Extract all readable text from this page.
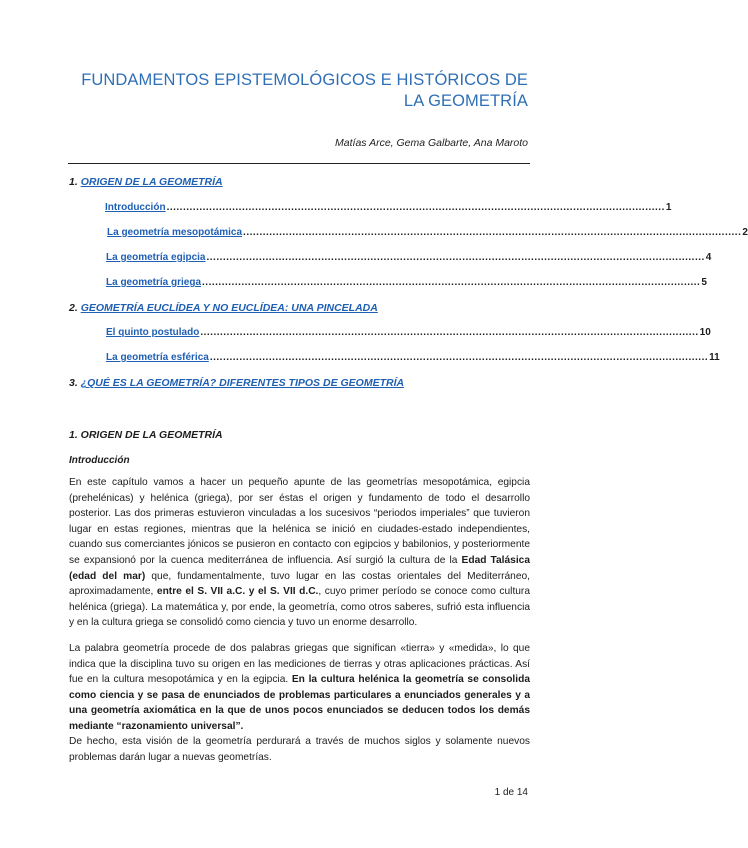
FUNDAMENTOS EPISTEMOLÓGICOS E HISTÓRICOS DE LA GEOMETRÍA
Matías Arce, Gema Galbarte, Ana Maroto
1. ORIGEN DE LA GEOMETRÍA
Introducción ........................................................................................................................................................ 1
La geometría mesopotámica ........................................................................................................................................................ 2
La geometría egipcia ........................................................................................................................................................ 4
La geometría griega ........................................................................................................................................................ 5
2. GEOMETRÍA EUCLÍDEA Y NO EUCLÍDEA: UNA PINCELADA
El quinto postulado ........................................................................................................................................................ 10
La geometría esférica ........................................................................................................................................................ 11
3. ¿QUÉ ES LA GEOMETRÍA? DIFERENTES TIPOS DE GEOMETRÍA
1. ORIGEN DE LA GEOMETRÍA
Introducción
En este capítulo vamos a hacer un pequeño apunte de las geometrías mesopotámica, egipcia (prehelénicas) y helénica (griega), por ser éstas el origen y fundamento de todo el desarrollo posterior. Las dos primeras estuvieron vinculadas a los sucesivos “periodos imperiales” que tuvieron lugar en estas regiones, mientras que la helénica se inició en ciudades-estado independientes, cuando sus comerciantes jónicos se pusieron en contacto con egipcios y babilonios, y posteriormente se expansionó por la cuenca mediterránea de influencia. Así surgió la cultura de la Edad Talásica (edad del mar) que, fundamentalmente, tuvo lugar en las costas orientales del Mediterráneo, aproximadamente, entre el S. VII a.C. y el S. VII d.C., cuyo primer período se conoce como cultura helénica (griega). La matemática y, por ende, la geometría, como otros saberes, sufrió esta influencia y en la cultura griega se consolidó como ciencia y tuvo un enorme desarrollo.
La palabra geometría procede de dos palabras griegas que significan «tierra» y «medida», lo que indica que la disciplina tuvo su origen en las mediciones de tierras y otras aplicaciones prácticas. Así fue en la cultura mesopotámica y en la egipcia. En la cultura helénica la geometría se consolida como ciencia y se pasa de enunciados de problemas particulares a enunciados generales y a una geometría axiomática en la que de unos pocos enunciados se deducen todos los demás mediante “razonamiento universal”.
De hecho, esta visión de la geometría perdurará a través de muchos siglos y solamente nuevos problemas darán lugar a nuevas geometrías.
1 de 14
